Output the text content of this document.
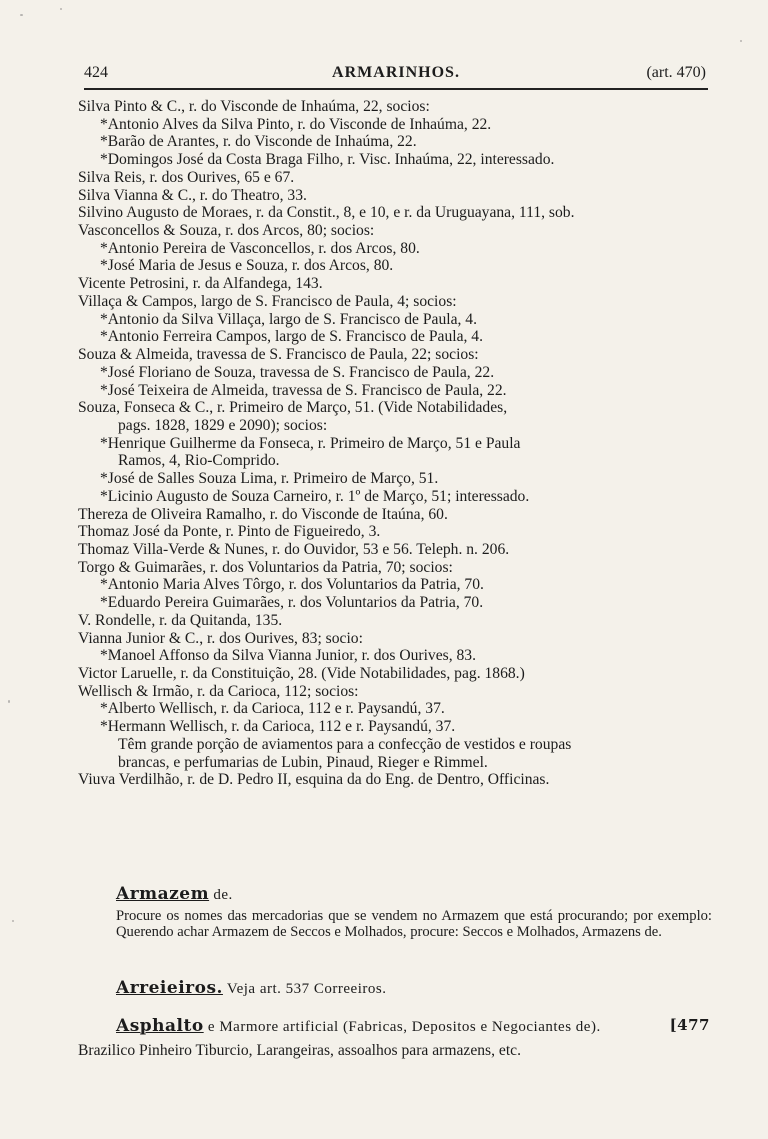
424	ARMARINHOS.	(art. 470)
Silva Pinto & C., r. do Visconde de Inhaúma, 22, socios:
*Antonio Alves da Silva Pinto, r. do Visconde de Inhaúma, 22.
*Barão de Arantes, r. do Visconde de Inhaúma, 22.
*Domingos José da Costa Braga Filho, r. Visc. Inhaúma, 22, interessado.
Silva Reis, r. dos Ourives, 65 e 67.
Silva Vianna & C., r. do Theatro, 33.
Silvino Augusto de Moraes, r. da Constit., 8, e 10, e r. da Uruguayana, 111, sob.
Vasconcellos & Souza, r. dos Arcos, 80; socios:
*Antonio Pereira de Vasconcellos, r. dos Arcos, 80.
*José Maria de Jesus e Souza, r. dos Arcos, 80.
Vicente Petrosini, r. da Alfandega, 143.
Villaça & Campos, largo de S. Francisco de Paula, 4; socios:
*Antonio da Silva Villaça, largo de S. Francisco de Paula, 4.
*Antonio Ferreira Campos, largo de S. Francisco de Paula, 4.
Souza & Almeida, travessa de S. Francisco de Paula, 22; socios:
*José Floriano de Souza, travessa de S. Francisco de Paula, 22.
*José Teixeira de Almeida, travessa de S. Francisco de Paula, 22.
Souza, Fonseca & C., r. Primeiro de Março, 51. (Vide Notabilidades,
pags. 1828, 1829 e 2090); socios:
*Henrique Guilherme da Fonseca, r. Primeiro de Março, 51 e Paula
Ramos, 4, Rio-Comprido.
*José de Salles Souza Lima, r. Primeiro de Março, 51.
*Licinio Augusto de Souza Carneiro, r. 1º de Março, 51; interessado.
Thereza de Oliveira Ramalho, r. do Visconde de Itaúna, 60.
Thomaz José da Ponte, r. Pinto de Figueiredo, 3.
Thomaz Villa-Verde & Nunes, r. do Ouvidor, 53 e 56. Teleph. n. 206.
Torgo & Guimarães, r. dos Voluntarios da Patria, 70; socios:
*Antonio Maria Alves Tôrgo, r. dos Voluntarios da Patria, 70.
*Eduardo Pereira Guimarães, r. dos Voluntarios da Patria, 70.
V. Rondelle, r. da Quitanda, 135.
Vianna Junior & C., r. dos Ourives, 83; socio:
*Manoel Affonso da Silva Vianna Junior, r. dos Ourives, 83.
Victor Laruelle, r. da Constituição, 28. (Vide Notabilidades, pag. 1868.)
Wellisch & Irmão, r. da Carioca, 112; socios:
*Alberto Wellisch, r. da Carioca, 112 e r. Paysandú, 37.
*Hermann Wellisch, r. da Carioca, 112 e r. Paysandú, 37.
Têm grande porção de aviamentos para a confecção de vestidos e roupas
brancas, e perfumarias de Lubin, Pinaud, Rieger e Rimmel.
Viuva Verdilhão, r. de D. Pedro II, esquina da do Eng. de Dentro, Officinas.
Armazem de.
Procure os nomes das mercadorias que se vendem no Armazem que está procurando; por exemplo: Querendo achar Armazem de Seccos e Molhados, procure: Seccos e Molhados, Armazens de.
Arreieiros. Veja art. 537 Correeiros.
Asphalto e Marmore artificial (Fabricas, Depositos e Negociantes de).	[477
Brazilico Pinheiro Tiburcio, Larangeiras, assoalhos para armazens, etc.
